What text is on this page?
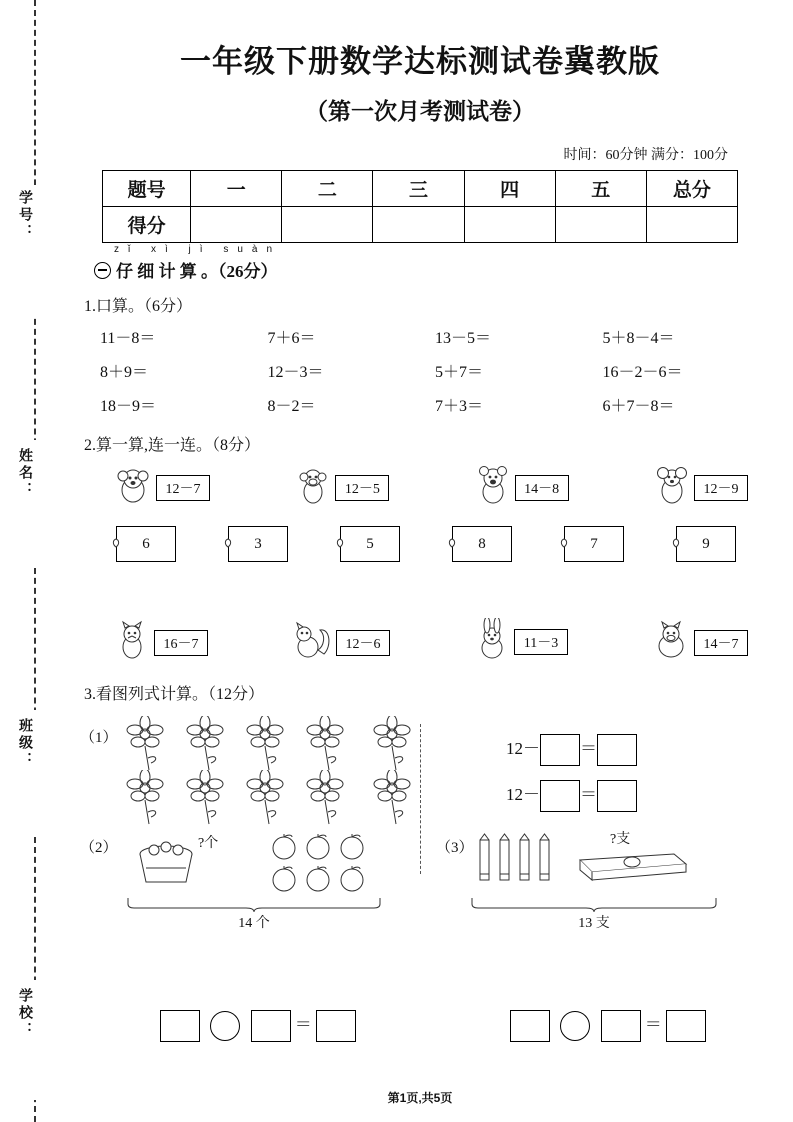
学号：
姓名：
班级：
学校：
一年级下册数学达标测试卷冀教版
（第一次月考测试卷）
时间：60分钟 满分：100分
题号	一	二	三	四	五	总分
得分						
zǐ xì jì suàn
仔 细 计 算 。（26分）
1.口算。（6分）
11－8＝	7＋6＝	13－5＝	5＋8－4＝
8＋9＝	12－3＝	5＋7＝	16－2－6＝
18－9＝	8－2＝	7＋3＝	6＋7－8＝
2.算一算,连一连。（8分）
12－7	12－5	14－8	12－9
6	3	5	8	7	9
16－7	12－6	11－3	14－7
3.看图列式计算。（12分）
（1）
12－ ＝
12－ ＝
（2）	?个
14 个
（3）
?支
13 支
＝	＝
第1页,共5页
